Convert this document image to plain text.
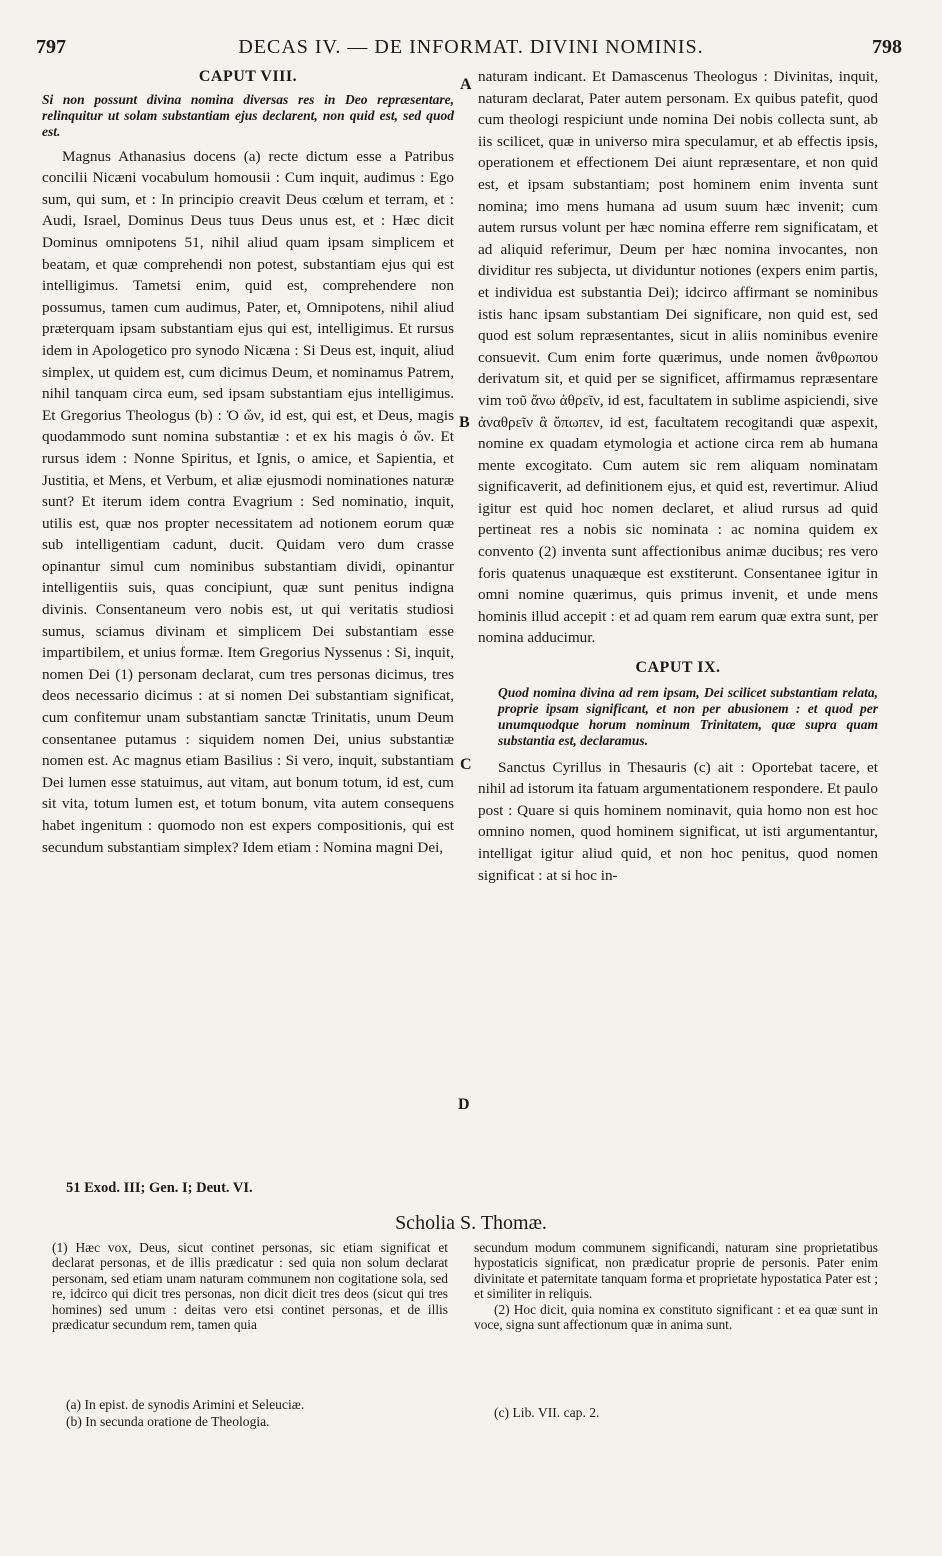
797	DECAS IV. — DE INFORMAT. DIVINI NOMINIS.	798

CAPUT VIII.

Si non possunt divina nomina diversas res in Deo repræsentare, relinquitur ut solam substantiam ejus declarent, non quid est, sed quod est.

Magnus Athanasius docens (a) recte dictum esse a Patribus concilii Nicæni vocabulum homousii : Cum inquit, audimus : Ego sum, qui sum, et : In principio creavit Deus cœlum et terram, et : Audi, Israel, Dominus Deus tuus Deus unus est, et : Hæc dicit Dominus omnipotens 51, nihil aliud quam ipsam simplicem et beatam, et quæ comprehendi non potest, substantiam ejus qui est intelligimus. Tametsi enim, quid est, comprehendere non possumus, tamen cum audimus, Pater, et, Omnipotens, nihil aliud præterquam ipsam substantiam ejus qui est, intelligimus. Et rursus idem in Apologetico pro synodo Nicæna : Si Deus est, inquit, aliud simplex, ut quidem est, cum dicimus Deum, et nominamus Patrem, nihil tanquam circa eum, sed ipsam substantiam ejus intelligimus. Et Gregorius Theologus (b) : Ὁ ὤν, id est, qui est, et Deus, magis quodammodo sunt nomina substantiæ : et ex his magis ὁ ὤν. Et rursus idem : Nonne Spiritus, et Ignis, o amice, et Sapientia, et Justitia, et Mens, et Verbum, et aliæ ejusmodi nominationes naturæ sunt? Et iterum idem contra Evagrium : Sed nominatio, inquit, utilis est, quæ nos propter necessitatem ad notionem eorum quæ sub intelligentiam cadunt, ducit. Quidam vero dum crasse opinantur simul cum nominibus substantiam dividi, opinantur intelligentiis suis, quas concipiunt, quæ sunt penitus indigna divinis. Consentaneum vero nobis est, ut qui veritatis studiosi sumus, sciamus divinam et simplicem Dei substantiam esse impartibilem, et unius formæ. Item Gregorius Nyssenus : Si, inquit, nomen Dei (1) personam declarat, cum tres personas dicimus, tres deos necessario dicimus : at si nomen Dei substantiam significat, cum confitemur unam substantiam sanctæ Trinitatis, unum Deum consentanee putamus : siquidem nomen Dei, unius substantiæ nomen est. Ac magnus etiam Basilius : Si vero, inquit, substantiam Dei lumen esse statuimus, aut vitam, aut bonum totum, id est, cum sit vita, totum lumen est, et totum bonum, vita autem consequens habet ingenitum : quomodo non est expers compositionis, qui est secundum substantiam simplex? Idem etiam : Nomina magni Dei,

naturam indicant. Et Damascenus Theologus : Divinitas, inquit, naturam declarat, Pater autem personam. Ex quibus patefit, quod cum theologi respiciunt unde nomina Dei nobis collecta sunt, ab iis scilicet, quæ in universo mira speculamur, et ab effectis ipsis, operationem et effectionem Dei aiunt repræsentare, et non quid est, et ipsam substantiam; post hominem enim inventa sunt nomina; imo mens humana ad usum suum hæc invenit; cum autem rursus volunt per hæc nomina efferre rem significatam, et ad aliquid referimur, Deum per hæc nomina invocantes, non dividitur res subjecta, ut dividuntur notiones (expers enim partis, et individua est substantia Dei); idcirco affirmant se nominibus istis hanc ipsam substantiam Dei significare, non quid est, sed quod est solum repræsentantes, sicut in aliis nominibus evenire consuevit. Cum enim forte quærimus, unde nomen ἄνθρωπου derivatum sit, et quid per se significet, affirmamus repræsentare vim τοῦ ἄνω ἀθρεῖν, id est, facultatem in sublime aspiciendi, sive ἀναθρεῖν ἃ ὄπωπεν, id est, facultatem recogitandi quæ aspexit, nomine ex quadam etymologia et actione circa rem ab humana mente excogitato. Cum autem sic rem aliquam nominatam significaverit, ad definitionem ejus, et quid est, revertimur. Aliud igitur est quid hoc nomen declaret, et aliud rursus ad quid pertineat res a nobis sic nominata : ac nomina quidem ex convento (2) inventa sunt affectionibus animæ ducibus; res vero foris quatenus unaquæque est exstiterunt. Consentanee igitur in omni nomine quærimus, quis primus invenit, et unde mens hominis illud accepit : et ad quam rem earum quæ extra sunt, per nomina adducimur.

CAPUT IX.

Quod nomina divina ad rem ipsam, Dei scilicet substantiam relata, proprie ipsam significant, et non per abusionem : et quod per unumquodque horum nominum Trinitatem, quæ supra quam substantia est, declaramus.

Sanctus Cyrillus in Thesauris (c) ait : Oportebat tacere, et nihil ad istorum ita fatuam argumentationem respondere. Et paulo post : Quare si quis hominem nominavit, quia homo non est hoc omnino nomen, quod hominem significat, ut isti argumentantur, intelligat igitur aliud quid, et non hoc penitus, quod nomen significat : at si hoc in-

A
B
C
D
51 Exod. III; Gen. I; Deut. VI.
Scholia S. Thomæ.

(1) Hæc vox, Deus, sicut continet personas, sic etiam significat et declarat personas, et de illis prædicatur : sed quia non solum declarat personam, sed etiam unam naturam communem non cogitatione sola, sed re, idcirco qui dicit tres personas, non dicit dicit tres deos (sicut qui tres homines) sed unum : deitas vero etsi continet personas, et de illis prædicatur secundum rem, tamen quia

secundum modum communem significandi, naturam sine proprietatibus hypostaticis significat, non prædicatur proprie de personis. Pater enim divinitate et paternitate tanquam forma et proprietate hypostatica Pater est ; et similiter in reliquis.

(2) Hoc dicit, quia nomina ex constituto significant : et ea quæ sunt in voce, signa sunt affectionum quæ in anima sunt.

(a) In epist. de synodis Arimini et Seleuciæ.
(b) In secunda oratione de Theologia.
(c) Lib. VII. cap. 2.
